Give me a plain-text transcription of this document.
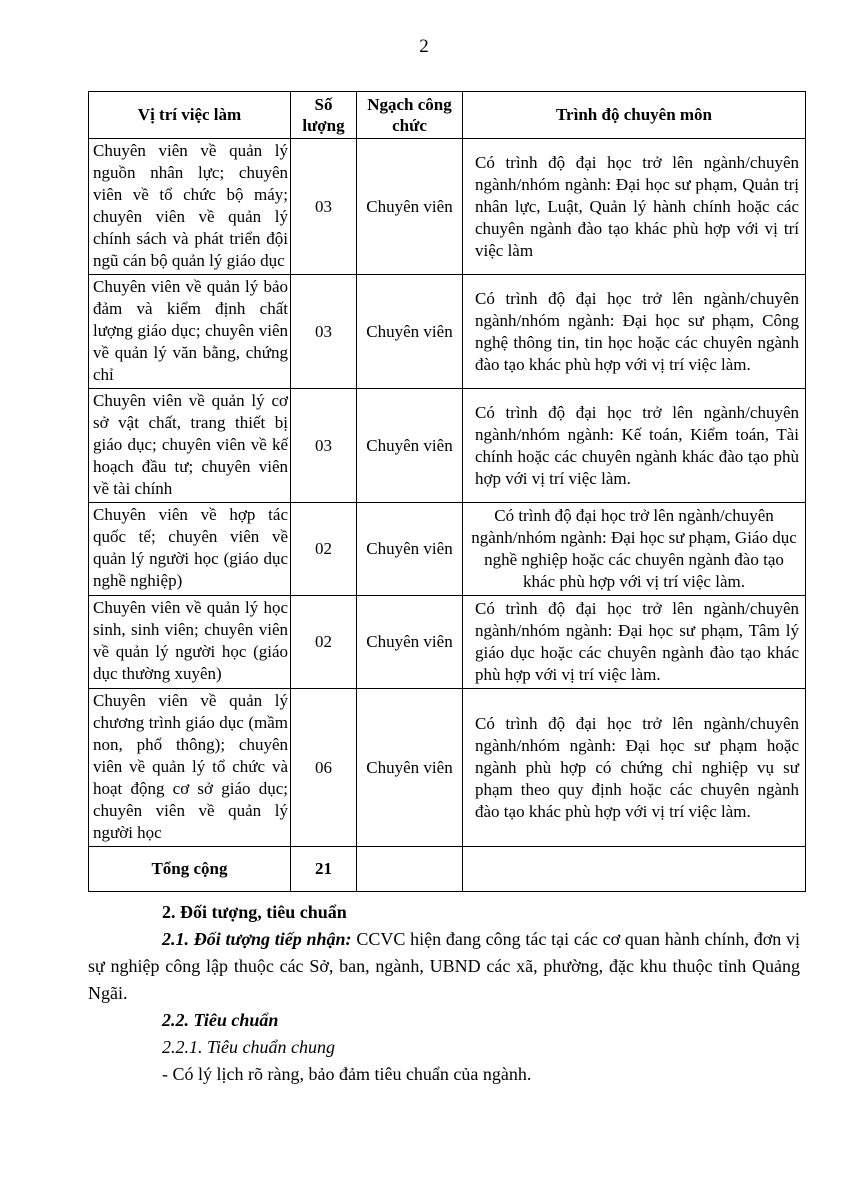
2
Vị trí việc làm	Số lượng	Ngạch công chức	Trình độ chuyên môn
Chuyên viên về quản lý nguồn nhân lực; chuyên viên về tổ chức bộ máy; chuyên viên về quản lý chính sách và phát triển đội ngũ cán bộ quản lý giáo dục	03	Chuyên viên	Có trình độ đại học trở lên ngành/chuyên ngành/nhóm ngành: Đại học sư phạm, Quản trị nhân lực, Luật, Quản lý hành chính hoặc các chuyên ngành đào tạo khác phù hợp với vị trí việc làm
Chuyên viên về quản lý bảo đảm và kiểm định chất lượng giáo dục; chuyên viên về quản lý văn bằng, chứng chỉ	03	Chuyên viên	Có trình độ đại học trở lên ngành/chuyên ngành/nhóm ngành: Đại học sư phạm, Công nghệ thông tin, tin học hoặc các chuyên ngành đào tạo khác phù hợp với vị trí việc làm.
Chuyên viên về quản lý cơ sở vật chất, trang thiết bị giáo dục; chuyên viên về kế hoạch đầu tư; chuyên viên về tài chính	03	Chuyên viên	Có trình độ đại học trở lên ngành/chuyên ngành/nhóm ngành: Kế toán, Kiểm toán, Tài chính hoặc các chuyên ngành khác đào tạo phù hợp với vị trí việc làm.
Chuyên viên về hợp tác quốc tế; chuyên viên về quản lý người học (giáo dục nghề nghiệp)	02	Chuyên viên	Có trình độ đại học trở lên ngành/chuyên ngành/nhóm ngành: Đại học sư phạm, Giáo dục nghề nghiệp hoặc các chuyên ngành đào tạo khác phù hợp với vị trí việc làm.
Chuyên viên về quản lý học sinh, sinh viên; chuyên viên về quản lý người học (giáo dục thường xuyên)	02	Chuyên viên	Có trình độ đại học trở lên ngành/chuyên ngành/nhóm ngành: Đại học sư phạm, Tâm lý giáo dục hoặc các chuyên ngành đào tạo khác phù hợp với vị trí việc làm.
Chuyên viên về quản lý chương trình giáo dục (mầm non, phổ thông); chuyên viên về quản lý tổ chức và hoạt động cơ sở giáo dục; chuyên viên về quản lý người học	06	Chuyên viên	Có trình độ đại học trở lên ngành/chuyên ngành/nhóm ngành: Đại học sư phạm hoặc ngành phù hợp có chứng chỉ nghiệp vụ sư phạm theo quy định hoặc các chuyên ngành đào tạo khác phù hợp với vị trí việc làm.
Tổng cộng	21		

2. Đối tượng, tiêu chuẩn

2.1. Đối tượng tiếp nhận: CCVC hiện đang công tác tại các cơ quan hành chính, đơn vị sự nghiệp công lập thuộc các Sở, ban, ngành, UBND các xã, phường, đặc khu thuộc tỉnh Quảng Ngãi.

2.2. Tiêu chuẩn

2.2.1. Tiêu chuẩn chung

- Có lý lịch rõ ràng, bảo đảm tiêu chuẩn của ngành.
